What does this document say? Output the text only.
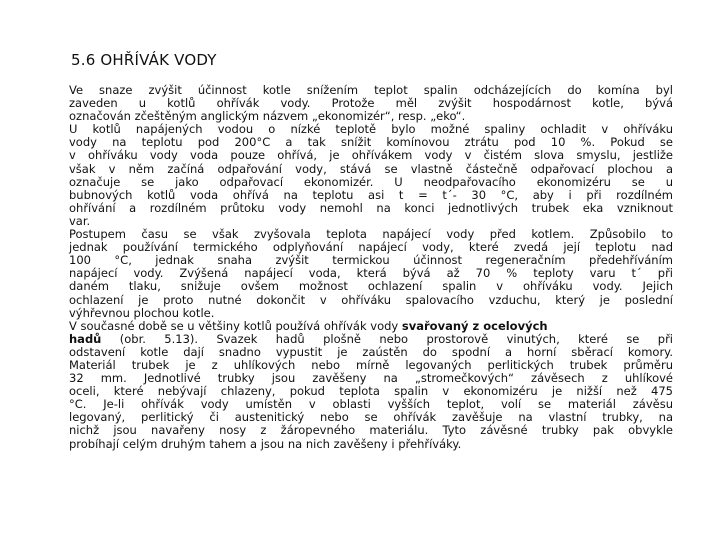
5.6 OHŘÍVÁK VODY

Ve snaze zvýšit účinnost kotle snížením teplot spalin odcházejících do komína byl
zaveden u kotlů ohřívák vody. Protože měl zvýšit hospodárnost kotle, bývá
označován zčeštěným anglickým názvem „ekonomizér“, resp. „eko“.

U kotlů napájených vodou o nízké teplotě bylo možné spaliny ochladit v ohříváku
vody na teplotu pod 200°C a tak snížit komínovou ztrátu pod 10 %. Pokud se
v ohříváku vody voda pouze ohřívá, je ohřívákem vody v čistém slova smyslu, jestliže
však v něm začíná odpařování vody, stává se vlastně částečně odpařovací plochou a
označuje se jako odpařovací ekonomizér. U neodpařovacího ekonomizéru se u
bubnových kotlů voda ohřívá na teplotu asi t = t´- 30 °C, aby i při rozdílném
ohřívání a rozdílném průtoku vody nemohl na konci jednotlivých trubek eka vzniknout
var.

Postupem času se však zvyšovala teplota napájecí vody před kotlem. Způsobilo to
jednak používání termického odplyňování napájecí vody, které zvedá její teplotu nad
100 °C, jednak snaha zvýšit termickou účinnost regeneračním předehříváním
napájecí vody. Zvýšená napájecí voda, která bývá až 70 % teploty varu t´ při
daném tlaku, snižuje ovšem možnost ochlazení spalin v ohříváku vody. Jejich
ochlazení je proto nutné dokončit v ohříváku spalovacího vzduchu, který je poslední
výhřevnou plochou kotle.

V současné době se u většiny kotlů používá ohřívák vody svařovaný z ocelových
hadů (obr. 5.13). Svazek hadů plošně nebo prostorově vinutých, které se při
odstavení kotle dají snadno vypustit je zaústěn do spodní a horní sběrací komory.
Materiál trubek je z uhlíkových nebo mírně legovaných perlitických trubek průměru
32 mm. Jednotlivé trubky jsou zavěšeny na „stromečkových“ závěsech z uhlíkové
oceli, které nebývají chlazeny, pokud teplota spalin v ekonomizéru je nižší než 475
°C. Je-li ohřívák vody umístěn v oblasti vyšších teplot, volí se materiál závěsu
legovaný, perlitický či austenitický nebo se ohřívák zavěšuje na vlastní trubky, na
nichž jsou navařeny nosy z žáropevného materiálu. Tyto závěsné trubky pak obvykle
probíhají celým druhým tahem a jsou na nich zavěšeny i přehříváky.
